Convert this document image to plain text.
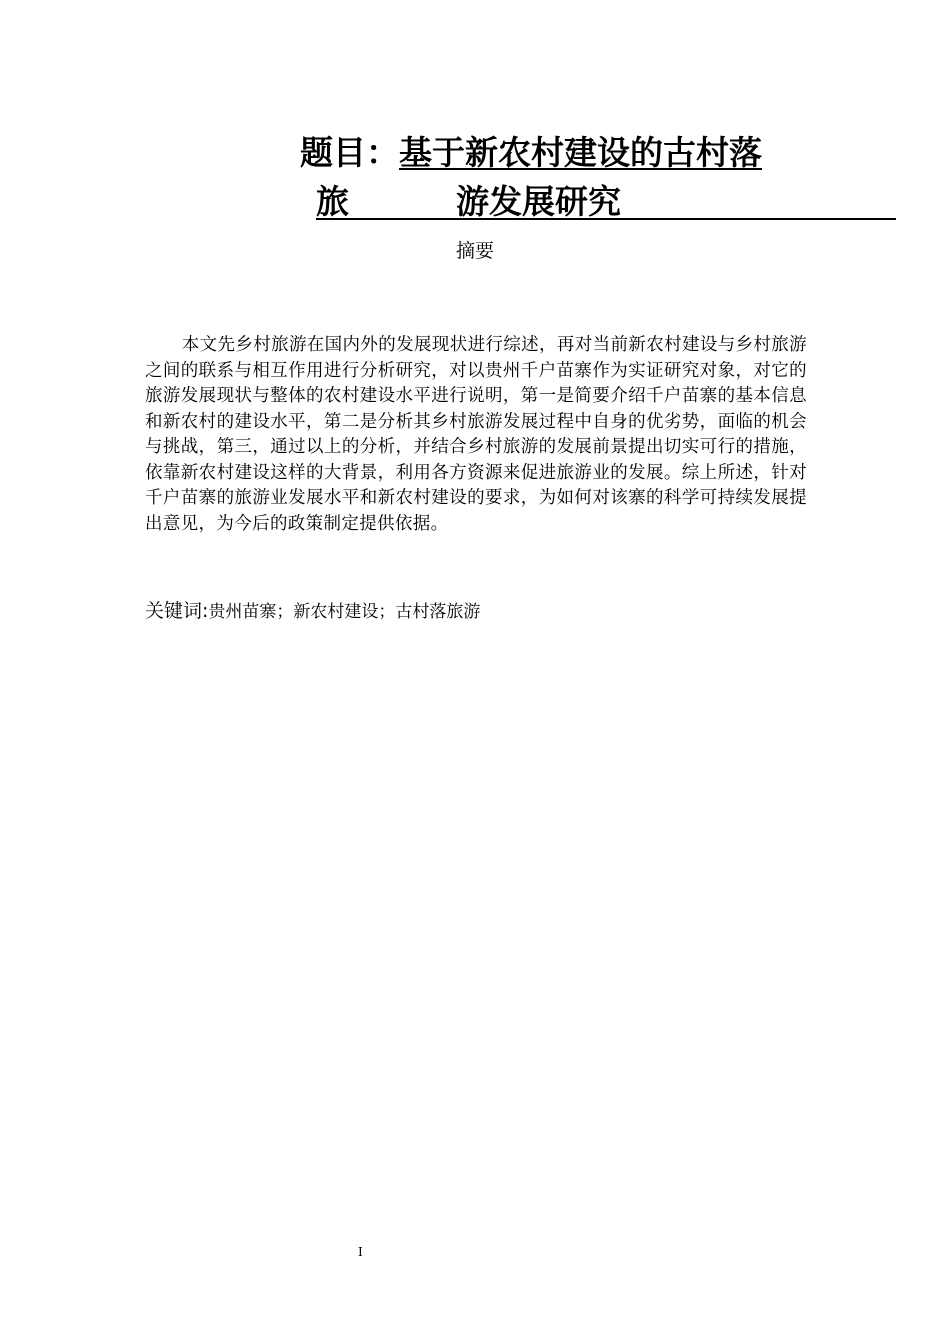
题目：基于新农村建设的古村落
旅	游发展研究
摘要
本文先乡村旅游在国内外的发展现状进行综述，再对当前新农村建设与乡村旅游之间的联系与相互作用进行分析研究，对以贵州千户苗寨作为实证研究对象，对它的旅游发展现状与整体的农村建设水平进行说明，第一是简要介绍千户苗寨的基本信息和新农村的建设水平，第二是分析其乡村旅游发展过程中自身的优劣势，面临的机会与挑战，第三，通过以上的分析，并结合乡村旅游的发展前景提出切实可行的措施，依靠新农村建设这样的大背景，利用各方资源来促进旅游业的发展。综上所述，针对千户苗寨的旅游业发展水平和新农村建设的要求，为如何对该寨的科学可持续发展提出意见，为今后的政策制定提供依据。
关键词:贵州苗寨；新农村建设；古村落旅游
I
